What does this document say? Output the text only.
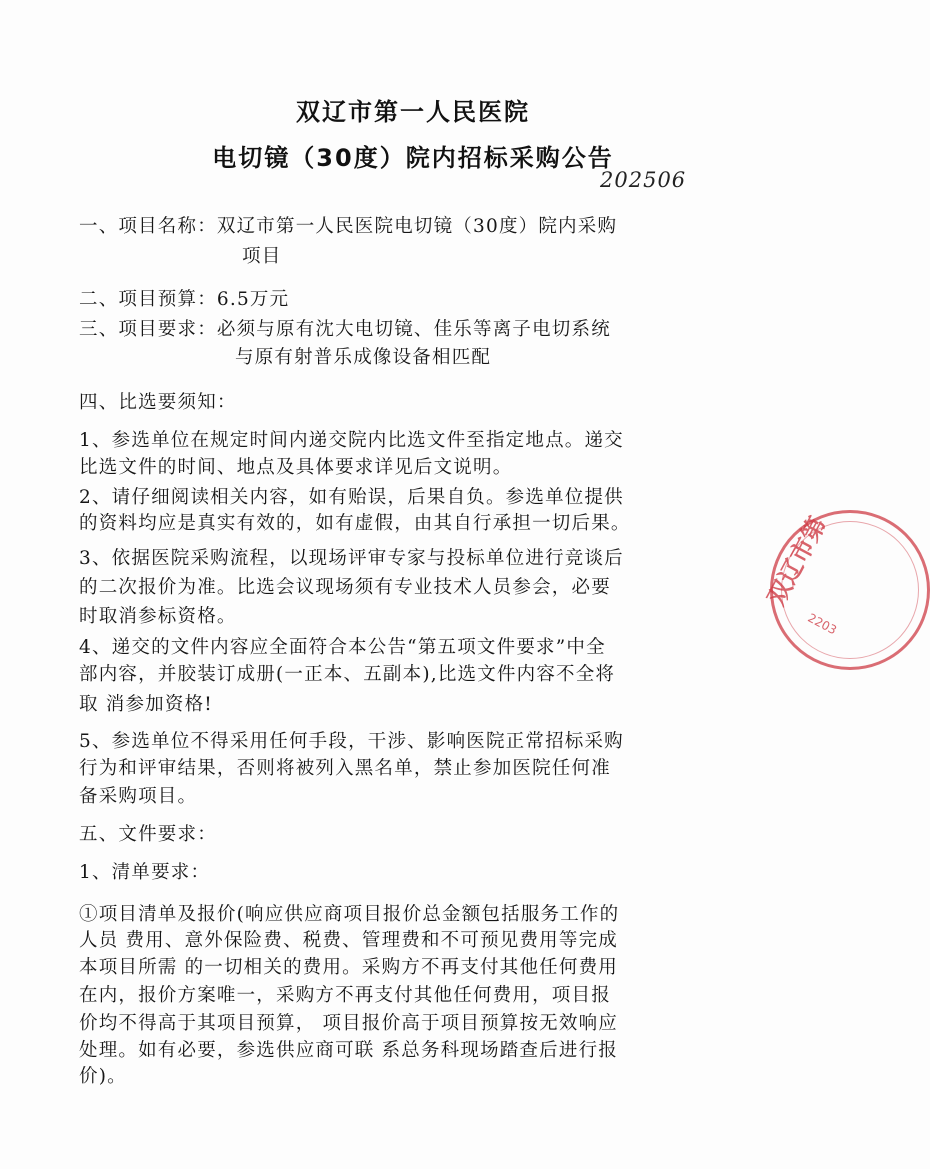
双辽市第一人民医院
电切镜（30度）院内招标采购公告
202506
一、项目名称：双辽市第一人民医院电切镜（30度）院内采购
项目
二、项目预算：6.5万元
三、项目要求：必须与原有沈大电切镜、佳乐等离子电切系统
与原有射普乐成像设备相匹配
四、比选要须知：
1、参选单位在规定时间内递交院内比选文件至指定地点。递交
比选文件的时间、地点及具体要求详见后文说明。
2、请仔细阅读相关内容，如有贻误，后果自负。参选单位提供
的资料均应是真实有效的，如有虚假，由其自行承担一切后果。
3、依据医院采购流程，以现场评审专家与投标单位进行竞谈后
的二次报价为准。比选会议现场须有专业技术人员参会，必要
时取消参标资格。
4、递交的文件内容应全面符合本公告“第五项文件要求”中全
部内容，并胶装订成册(一正本、五副本),比选文件内容不全将
取 消参加资格!
5、参选单位不得采用任何手段，干涉、影响医院正常招标采购
行为和评审结果，否则将被列入黑名单，禁止参加医院任何准
备采购项目。
五、文件要求：
1、清单要求：
①项目清单及报价(响应供应商项目报价总金额包括服务工作的
人员 费用、意外保险费、税费、管理费和不可预见费用等完成
本项目所需 的一切相关的费用。采购方不再支付其他任何费用
在内，报价方案唯一，采购方不再支付其他任何费用，项目报
价均不得高于其项目预算， 项目报价高于项目预算按无效响应
处理。如有必要，参选供应商可联 系总务科现场踏查后进行报
价)。
双辽市第
2203
